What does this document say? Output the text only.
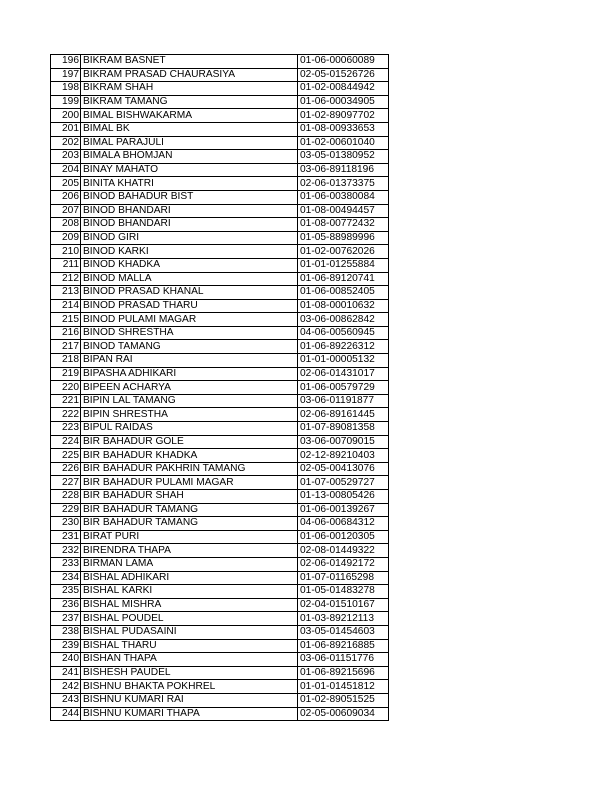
196	BIKRAM BASNET	01-06-00060089
197	BIKRAM PRASAD CHAURASIYA	02-05-01526726
198	BIKRAM SHAH	01-02-00844942
199	BIKRAM TAMANG	01-06-00034905
200	BIMAL BISHWAKARMA	01-02-89097702
201	BIMAL BK	01-08-00933653
202	BIMAL PARAJULI	01-02-00601040
203	BIMALA BHOMJAN	03-05-01380952
204	BINAY MAHATO	03-06-89118196
205	BINITA KHATRI	02-06-01373375
206	BINOD BAHADUR BIST	01-06-00380084
207	BINOD BHANDARI	01-08-00494457
208	BINOD BHANDARI	01-08-00772432
209	BINOD GIRI	01-05-88989996
210	BINOD KARKI	01-02-00762026
211	BINOD KHADKA	01-01-01255884
212	BINOD MALLA	01-06-89120741
213	BINOD PRASAD KHANAL	01-06-00852405
214	BINOD PRASAD THARU	01-08-00010632
215	BINOD PULAMI MAGAR	03-06-00862842
216	BINOD SHRESTHA	04-06-00560945
217	BINOD TAMANG	01-06-89226312
218	BIPAN RAI	01-01-00005132
219	BIPASHA ADHIKARI	02-06-01431017
220	BIPEEN ACHARYA	01-06-00579729
221	BIPIN LAL TAMANG	03-06-01191877
222	BIPIN SHRESTHA	02-06-89161445
223	BIPUL RAIDAS	01-07-89081358
224	BIR BAHADUR GOLE	03-06-00709015
225	BIR BAHADUR KHADKA	02-12-89210403
226	BIR BAHADUR PAKHRIN TAMANG	02-05-00413076
227	BIR BAHADUR PULAMI MAGAR	01-07-00529727
228	BIR BAHADUR SHAH	01-13-00805426
229	BIR BAHADUR TAMANG	01-06-00139267
230	BIR BAHADUR TAMANG	04-06-00684312
231	BIRAT PURI	01-06-00120305
232	BIRENDRA THAPA	02-08-01449322
233	BIRMAN LAMA	02-06-01492172
234	BISHAL ADHIKARI	01-07-01165298
235	BISHAL KARKI	01-05-01483278
236	BISHAL MISHRA	02-04-01510167
237	BISHAL POUDEL	01-03-89212113
238	BISHAL PUDASAINI	03-05-01454603
239	BISHAL THARU	01-06-89216885
240	BISHAN THAPA	03-06-01151776
241	BISHESH PAUDEL	01-06-89215696
242	BISHNU BHAKTA POKHREL	01-01-01451812
243	BISHNU KUMARI RAI	01-02-89051525
244	BISHNU KUMARI THAPA	02-05-00609034
